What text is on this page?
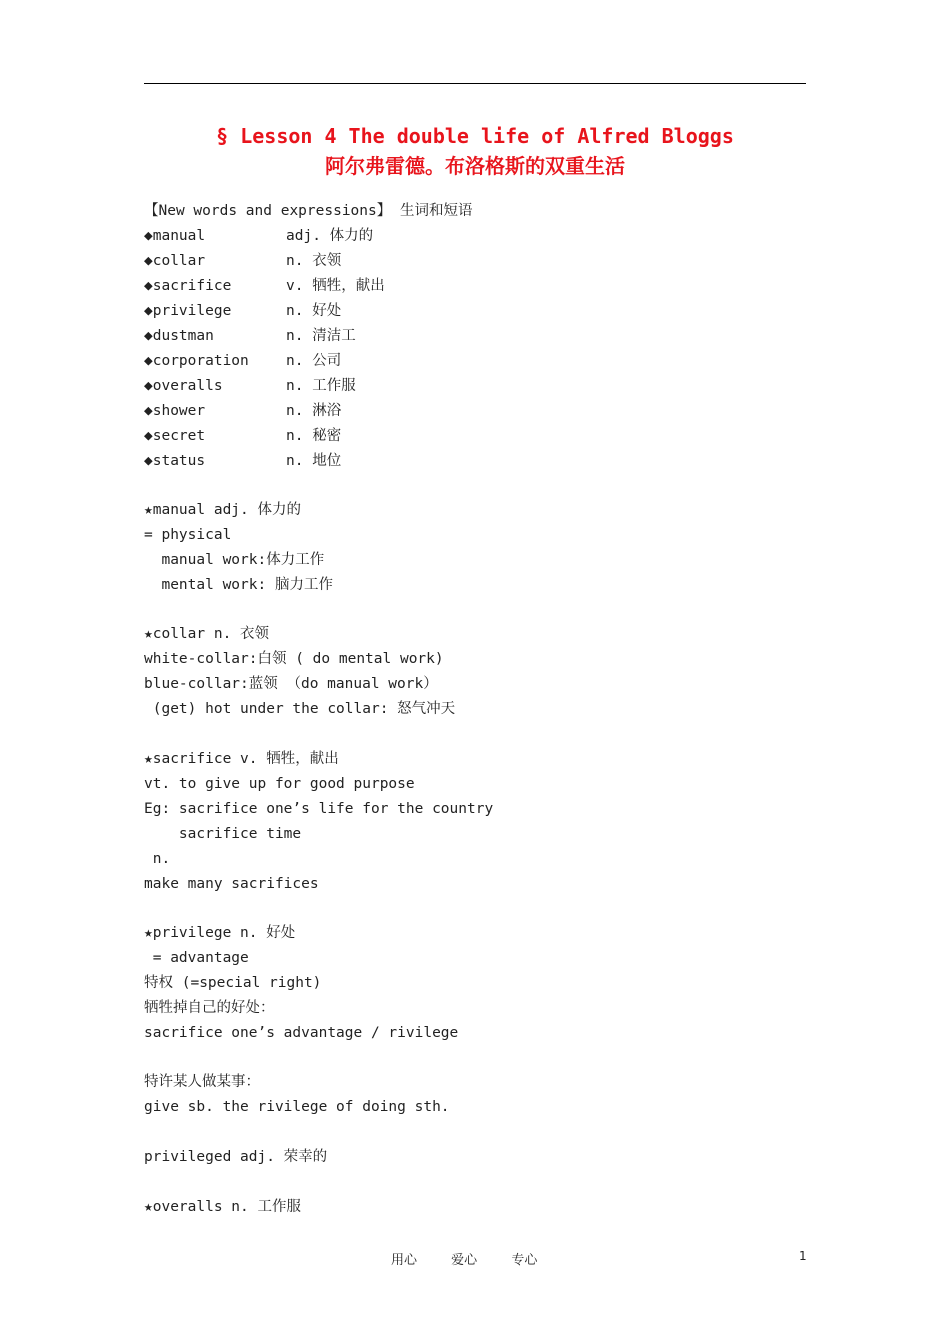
§ Lesson 4 The double life of Alfred Bloggs
阿尔弗雷德。布洛格斯的双重生活
【New words and expressions】 生词和短语
◆manual	adj. 体力的
◆collar	n. 衣领
◆sacrifice	v. 牺牲，献出
◆privilege	n. 好处
◆dustman	n. 清洁工
◆corporation	n. 公司
◆overalls	n. 工作服
◆shower	n. 淋浴
◆secret	n. 秘密
◆status	n. 地位
★manual adj. 体力的
= physical
manual work:体力工作
mental work: 脑力工作
★collar n. 衣领
white-collar:白领 ( do mental work)
blue-collar:蓝领 （do manual work）
(get) hot under the collar: 怒气冲天
★sacrifice v. 牺牲，献出
vt. to give up for good purpose
Eg: sacrifice one’s life for the country
sacrifice time
n.
make many sacrifices
★privilege n. 好处
= advantage
特权 (=special right)
牺牲掉自己的好处：
sacrifice one’s advantage / rivilege
特许某人做某事：
give sb. the rivilege of doing sth.
privileged adj. 荣幸的
★overalls n. 工作服
用心	爱心	专心	1
